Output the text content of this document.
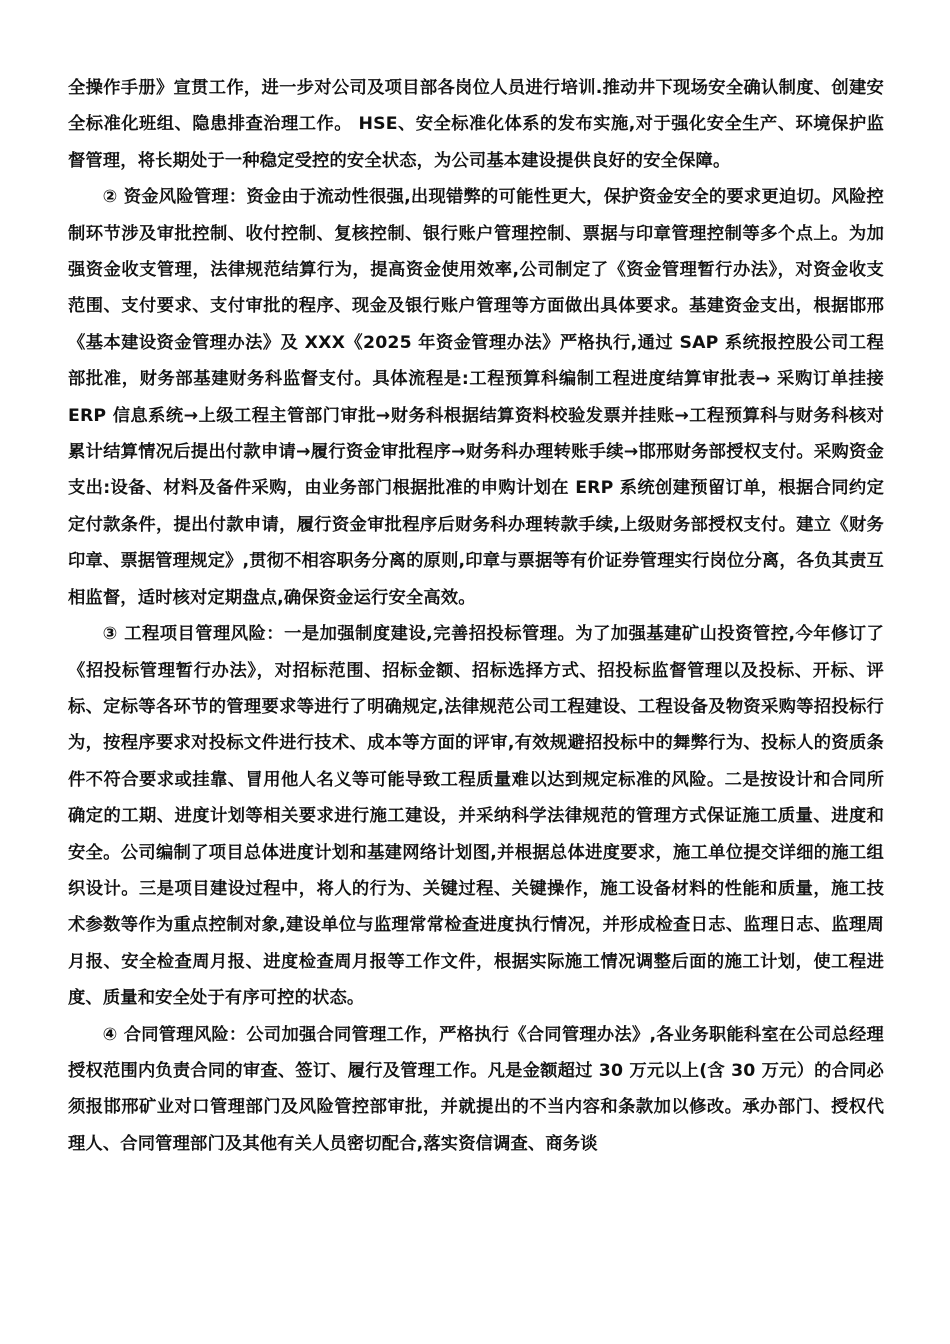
全操作手册》宣贯工作，进一步对公司及项目部各岗位人员进行培训.推动井下现场安全确认制度、创建安全标准化班组、隐患排查治理工作。 HSE、安全标准化体系的发布实施,对于强化安全生产、环境保护监督管理，将长期处于一种稳定受控的安全状态，为公司基本建设提供良好的安全保障。

② 资金风险管理：资金由于流动性很强,出现错弊的可能性更大，保护资金安全的要求更迫切。风险控制环节涉及审批控制、收付控制、复核控制、银行账户管理控制、票据与印章管理控制等多个点上。为加强资金收支管理，法律规范结算行为，提高资金使用效率,公司制定了《资金管理暂行办法》，对资金收支范围、支付要求、支付审批的程序、现金及银行账户管理等方面做出具体要求。基建资金支出，根据邯邢《基本建设资金管理办法》及 XXX《2025 年资金管理办法》严格执行,通过 SAP 系统报控股公司工程部批准，财务部基建财务科监督支付。具体流程是:工程预算科编制工程进度结算审批表→ 采购订单挂接 ERP 信息系统→上级工程主管部门审批→财务科根据结算资料校验发票并挂账→工程预算科与财务科核对累计结算情况后提出付款申请→履行资金审批程序→财务科办理转账手续→邯邢财务部授权支付。采购资金支出:设备、材料及备件采购，由业务部门根据批准的申购计划在 ERP 系统创建预留订单，根据合同约定定付款条件，提出付款申请，履行资金审批程序后财务科办理转款手续,上级财务部授权支付。建立《财务印章、票据管理规定》,贯彻不相容职务分离的原则,印章与票据等有价证券管理实行岗位分离，各负其责互相监督，适时核对定期盘点,确保资金运行安全高效。

③ 工程项目管理风险：一是加强制度建设,完善招投标管理。为了加强基建矿山投资管控,今年修订了《招投标管理暂行办法》，对招标范围、招标金额、招标选择方式、招投标监督管理以及投标、开标、评标、定标等各环节的管理要求等进行了明确规定,法律规范公司工程建设、工程设备及物资采购等招投标行为，按程序要求对投标文件进行技术、成本等方面的评审,有效规避招投标中的舞弊行为、投标人的资质条件不符合要求或挂靠、冒用他人名义等可能导致工程质量难以达到规定标准的风险。二是按设计和合同所确定的工期、进度计划等相关要求进行施工建设，并采纳科学法律规范的管理方式保证施工质量、进度和安全。公司编制了项目总体进度计划和基建网络计划图,并根据总体进度要求，施工单位提交详细的施工组织设计。三是项目建设过程中，将人的行为、关键过程、关键操作，施工设备材料的性能和质量，施工技术参数等作为重点控制对象,建设单位与监理常常检查进度执行情况，并形成检查日志、监理日志、监理周月报、安全检查周月报、进度检查周月报等工作文件，根据实际施工情况调整后面的施工计划，使工程进度、质量和安全处于有序可控的状态。

④ 合同管理风险：公司加强合同管理工作，严格执行《合同管理办法》,各业务职能科室在公司总经理授权范围内负责合同的审查、签订、履行及管理工作。凡是金额超过 30 万元以上(含 30 万元）的合同必须报邯邢矿业对口管理部门及风险管控部审批，并就提出的不当内容和条款加以修改。承办部门、授权代理人、合同管理部门及其他有关人员密切配合,落实资信调查、商务谈
